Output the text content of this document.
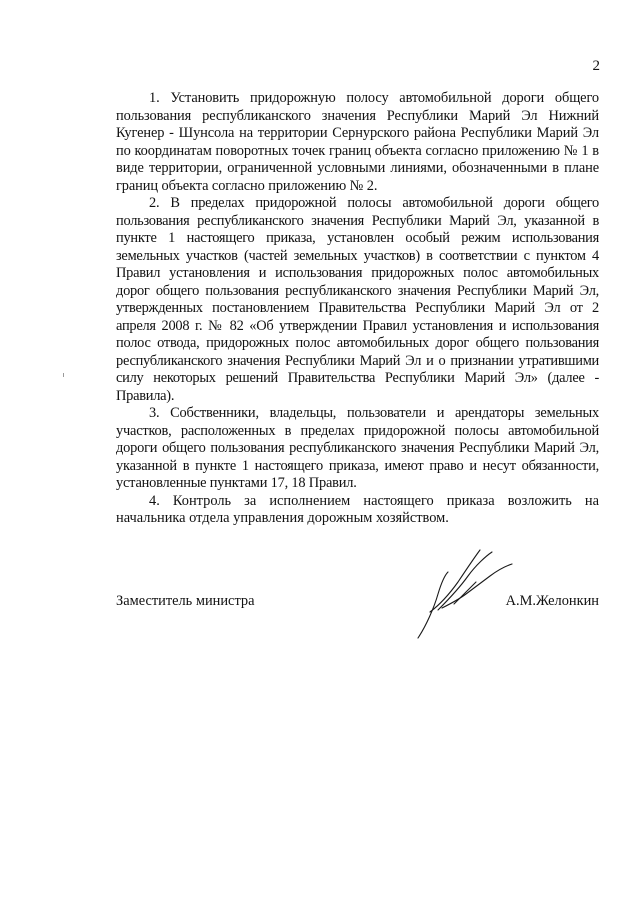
2

1. Установить придорожную полосу автомобильной дороги общего пользования республиканского значения Республики Марий Эл Нижний Кугенер - Шунсола на территории Сернурского района Республики Марий Эл по координатам поворотных точек границ объекта согласно приложению № 1 в виде территории, ограниченной условными линиями, обозначенными в плане границ объекта согласно приложению № 2.

2. В пределах придорожной полосы автомобильной дороги общего пользования республиканского значения Республики Марий Эл, указанной в пункте 1 настоящего приказа, установлен особый режим использования земельных участков (частей земельных участков) в соответствии с пунктом 4 Правил установления и использования придорожных полос автомобильных дорог общего пользования республиканского значения Республики Марий Эл, утвержденных постановлением Правительства Республики Марий Эл от 2 апреля 2008 г. № 82 «Об утверждении Правил установления и использования полос отвода, придорожных полос автомобильных дорог общего пользования республиканского значения Республики Марий Эл и о признании утратившими силу некоторых решений Правительства Республики Марий Эл» (далее - Правила).

3. Собственники, владельцы, пользователи и арендаторы земельных участков, расположенных в пределах придорожной полосы автомобильной дороги общего пользования республиканского значения Республики Марий Эл, указанной в пункте 1 настоящего приказа, имеют право и несут обязанности, установленные пунктами 17, 18 Правил.

4. Контроль за исполнением настоящего приказа возложить на начальника отдела управления дорожным хозяйством.

Заместитель министра	А.М.Желонкин
